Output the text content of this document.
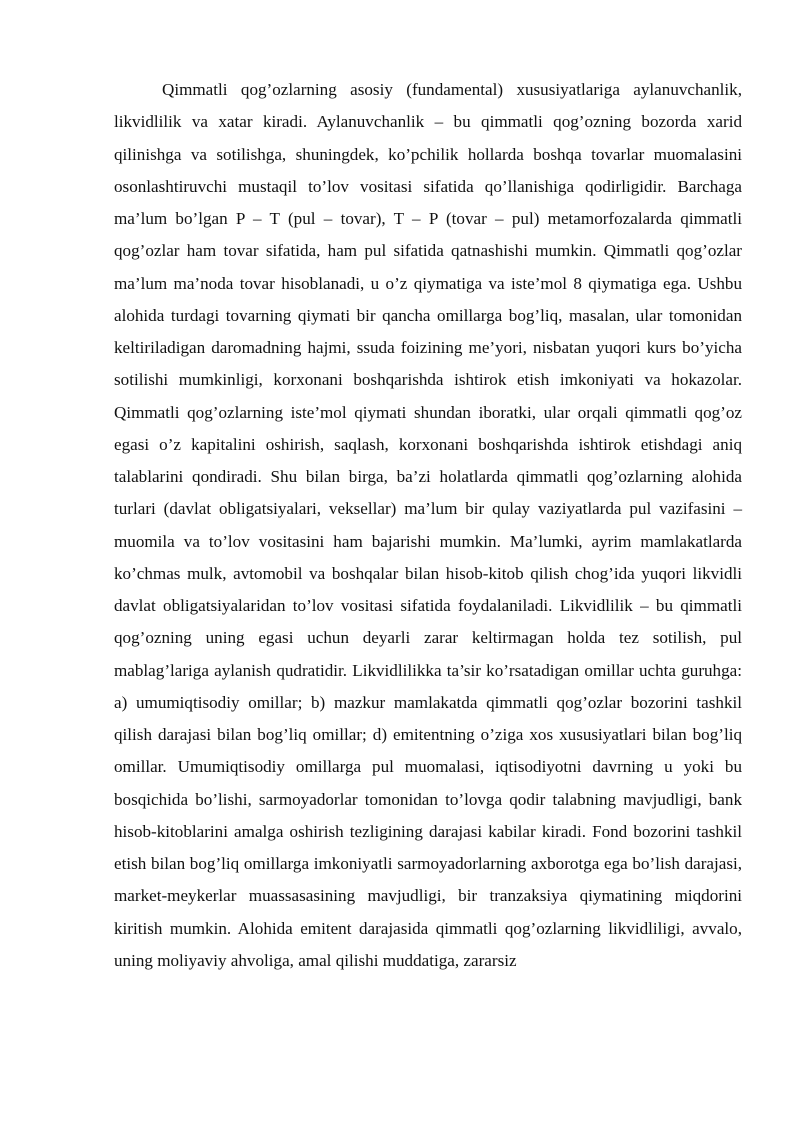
Qimmatli qog’ozlarning asosiy (fundamental) xususiyatlariga aylanuvchanlik, likvidlilik va xatar kiradi. Aylanuvchanlik – bu qimmatli qog’ozning bozorda xarid qilinishga va sotilishga, shuningdek, ko’pchilik hollarda boshqa tovarlar muomalasini osonlashtiruvchi mustaqil to’lov vositasi sifatida qo’llanishiga qodirligidir. Barchaga ma’lum bo’lgan P – T (pul – tovar), T – P (tovar – pul) metamorfozalarda qimmatli qog’ozlar ham tovar sifatida, ham pul sifatida qatnashishi mumkin. Qimmatli qog’ozlar ma’lum ma’noda tovar hisoblanadi, u o’z qiymatiga va iste’mol 8 qiymatiga ega. Ushbu alohida turdagi tovarning qiymati bir qancha omillarga bog’liq, masalan, ular tomonidan keltiriladigan daromadning hajmi, ssuda foizining me’yori, nisbatan yuqori kurs bo’yicha sotilishi mumkinligi, korxonani boshqarishda ishtirok etish imkoniyati va hokazolar. Qimmatli qog’ozlarning iste’mol qiymati shundan iboratki, ular orqali qimmatli qog’oz egasi o’z kapitalini oshirish, saqlash, korxonani boshqarishda ishtirok etishdagi aniq talablarini qondiradi. Shu bilan birga, ba’zi holatlarda qimmatli qog’ozlarning alohida turlari (davlat obligatsiyalari, veksellar) ma’lum bir qulay vaziyatlarda pul vazifasini – muomila va to’lov vositasini ham bajarishi mumkin. Ma’lumki, ayrim mamlakatlarda ko’chmas mulk, avtomobil va boshqalar bilan hisob-kitob qilish chog’ida yuqori likvidli davlat obligatsiyalaridan to’lov vositasi sifatida foydalaniladi. Likvidlilik – bu qimmatli qog’ozning uning egasi uchun deyarli zarar keltirmagan holda tez sotilish, pul mablag’lariga aylanish qudratidir. Likvidlilikka ta’sir ko’rsatadigan omillar uchta guruhga: a) umumiqtisodiy omillar; b) mazkur mamlakatda qimmatli qog’ozlar bozorini tashkil qilish darajasi bilan bog’liq omillar; d) emitentning o’ziga xos xususiyatlari bilan bog’liq omillar. Umumiqtisodiy omillarga pul muomalasi, iqtisodiyotni davrning u yoki bu bosqichida bo’lishi, sarmoyadorlar tomonidan to’lovga qodir talabning mavjudligi, bank hisob-kitoblarini amalga oshirish tezligining darajasi kabilar kiradi. Fond bozorini tashkil etish bilan bog’liq omillarga imkoniyatli sarmoyadorlarning axborotga ega bo’lish darajasi, market-meykerlar muassasasining mavjudligi, bir tranzaksiya qiymatining miqdorini kiritish mumkin. Alohida emitent darajasida qimmatli qog’ozlarning likvidliligi, avvalo, uning moliyaviy ahvoliga, amal qilishi muddatiga, zararsiz
